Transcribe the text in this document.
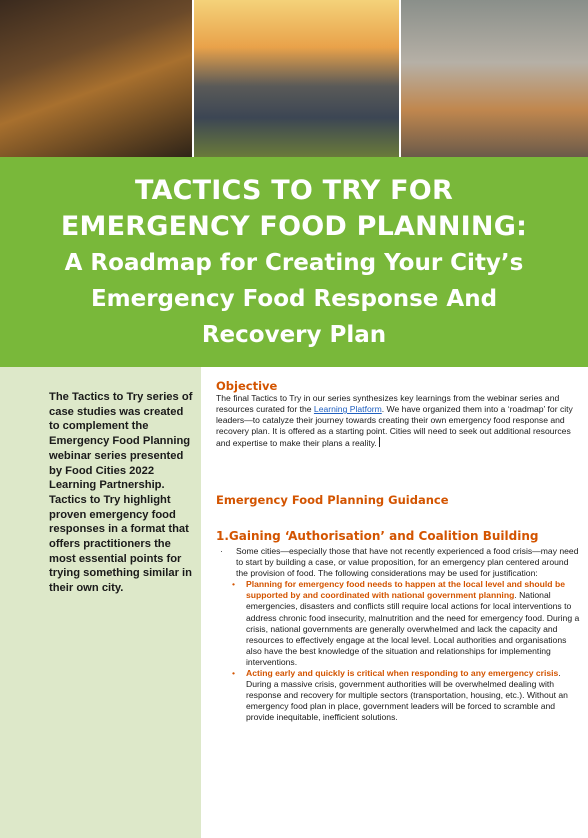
TACTICS TO TRY FOR
EMERGENCY FOOD PLANNING:
A Roadmap for Creating Your City’s
Emergency Food Response And
Recovery Plan
The Tactics to Try series of case studies was created to complement the Emergency Food Planning webinar series presented by Food Cities 2022 Learning Partnership. Tactics to Try highlight proven emergency food responses in a format that offers practitioners the most essential points for trying something similar in their own city.
Objective
The final Tactics to Try in our series synthesizes key learnings from the webinar series and resources curated for the Learning Platform. We have organized them into a ‘roadmap’ for city leaders—to catalyze their journey towards creating their own emergency food response and recovery plan. It is offered as a starting point. Cities will need to seek out additional resources and expertise to make their plans a reality.
Emergency Food Planning Guidance
1.Gaining ‘Authorisation’ and Coalition Building
· Some cities—especially those that have not recently experienced a food crisis—may need to start by building a case, or value proposition, for an emergency plan centered around the provision of food. The following considerations may be used for justification:
• Planning for emergency food needs to happen at the local level and should be supported by and coordinated with national government planning. National emergencies, disasters and conflicts still require local actions for local interventions to address chronic food insecurity, malnutrition and the need for emergency food. During a crisis, national governments are generally overwhelmed and lack the capacity and resources to effectively engage at the local level. Local authorities and organisations also have the best knowledge of the situation and relationships for implementing interventions.
• Acting early and quickly is critical when responding to any emergency crisis. During a massive crisis, government authorities will be overwhelmed dealing with response and recovery for multiple sectors (transportation, housing, etc.). Without an emergency food plan in place, government leaders will be forced to scramble and provide inequitable, inefficient solutions.
